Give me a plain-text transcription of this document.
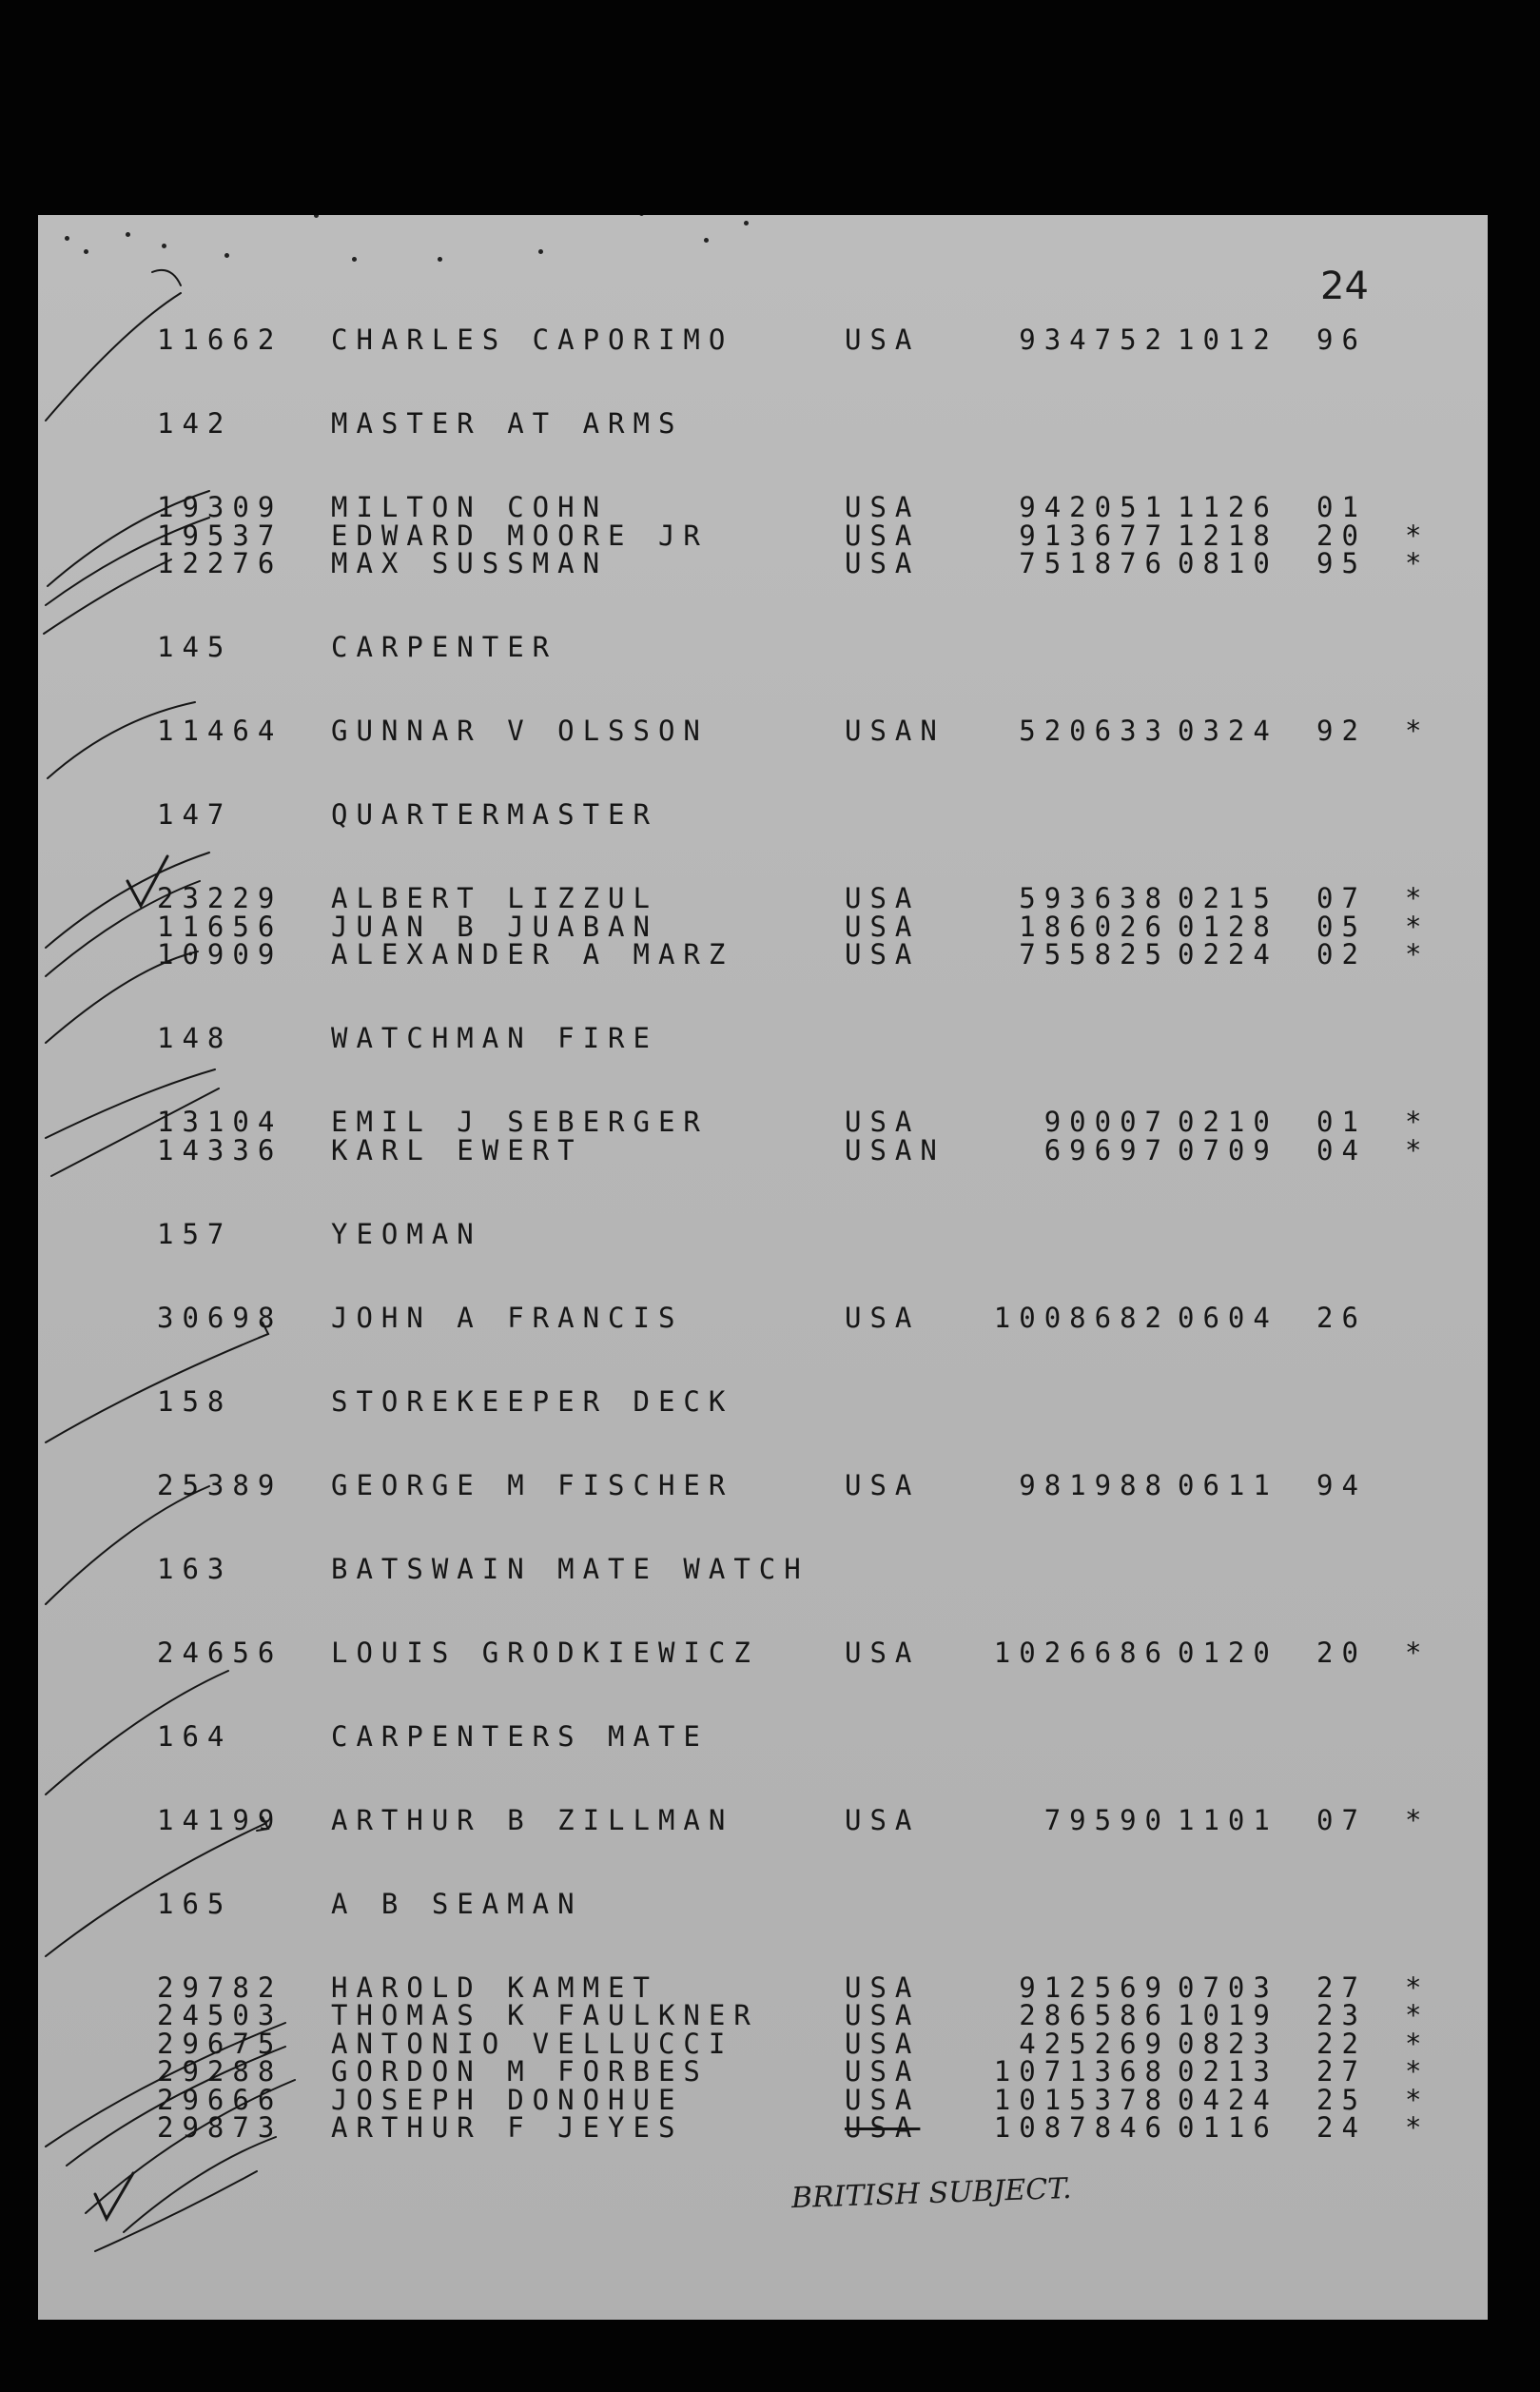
24
11662 CHARLES CAPORIMO	USA	934752 1012 96
142	MASTER AT ARMS
19309 MILTON COHN	USA	942051 1126 01
19537 EDWARD MOORE JR	USA	913677 1218 20 *
12276 MAX SUSSMAN	USA	751876 0810 95 *
145	CARPENTER
11464 GUNNAR V OLSSON	USAN	520633 0324 92 *
147	QUARTERMASTER
23229 ALBERT LIZZUL	USA	593638 0215 07 *
11656 JUAN B JUABAN	USA	186026 0128 05 *
10909 ALEXANDER A MARZ	USA	755825 0224 02 *
148	WATCHMAN FIRE
13104 EMIL J SEBERGER	USA	90007 0210 01 *
14336 KARL EWERT	USAN	69697 0709 04 *
157	YEOMAN
30698 JOHN A FRANCIS	USA	1008682 0604 26
158	STOREKEEPER DECK
25389 GEORGE M FISCHER	USA	981988 0611 94
163	BATSWAIN MATE WATCH
24656 LOUIS GRODKIEWICZ	USA	1026686 0120 20 *
164	CARPENTERS MATE
14199 ARTHUR B ZILLMAN	USA	79590 1101 07 *
165	A B SEAMAN
29782 HAROLD KAMMET	USA	912569 0703 27 *
24503 THOMAS K FAULKNER	USA	286586 1019 23 *
29675 ANTONIO VELLUCCI	USA	425269 0823 22 *
29288 GORDON M FORBES	USA	1071368 0213 27 *
29666 JOSEPH DONOHUE	USA	1015378 0424 25 *
29873 ARTHUR F JEYES	USA	1087846 0116 24 *
BRITISH SUBJECT.
